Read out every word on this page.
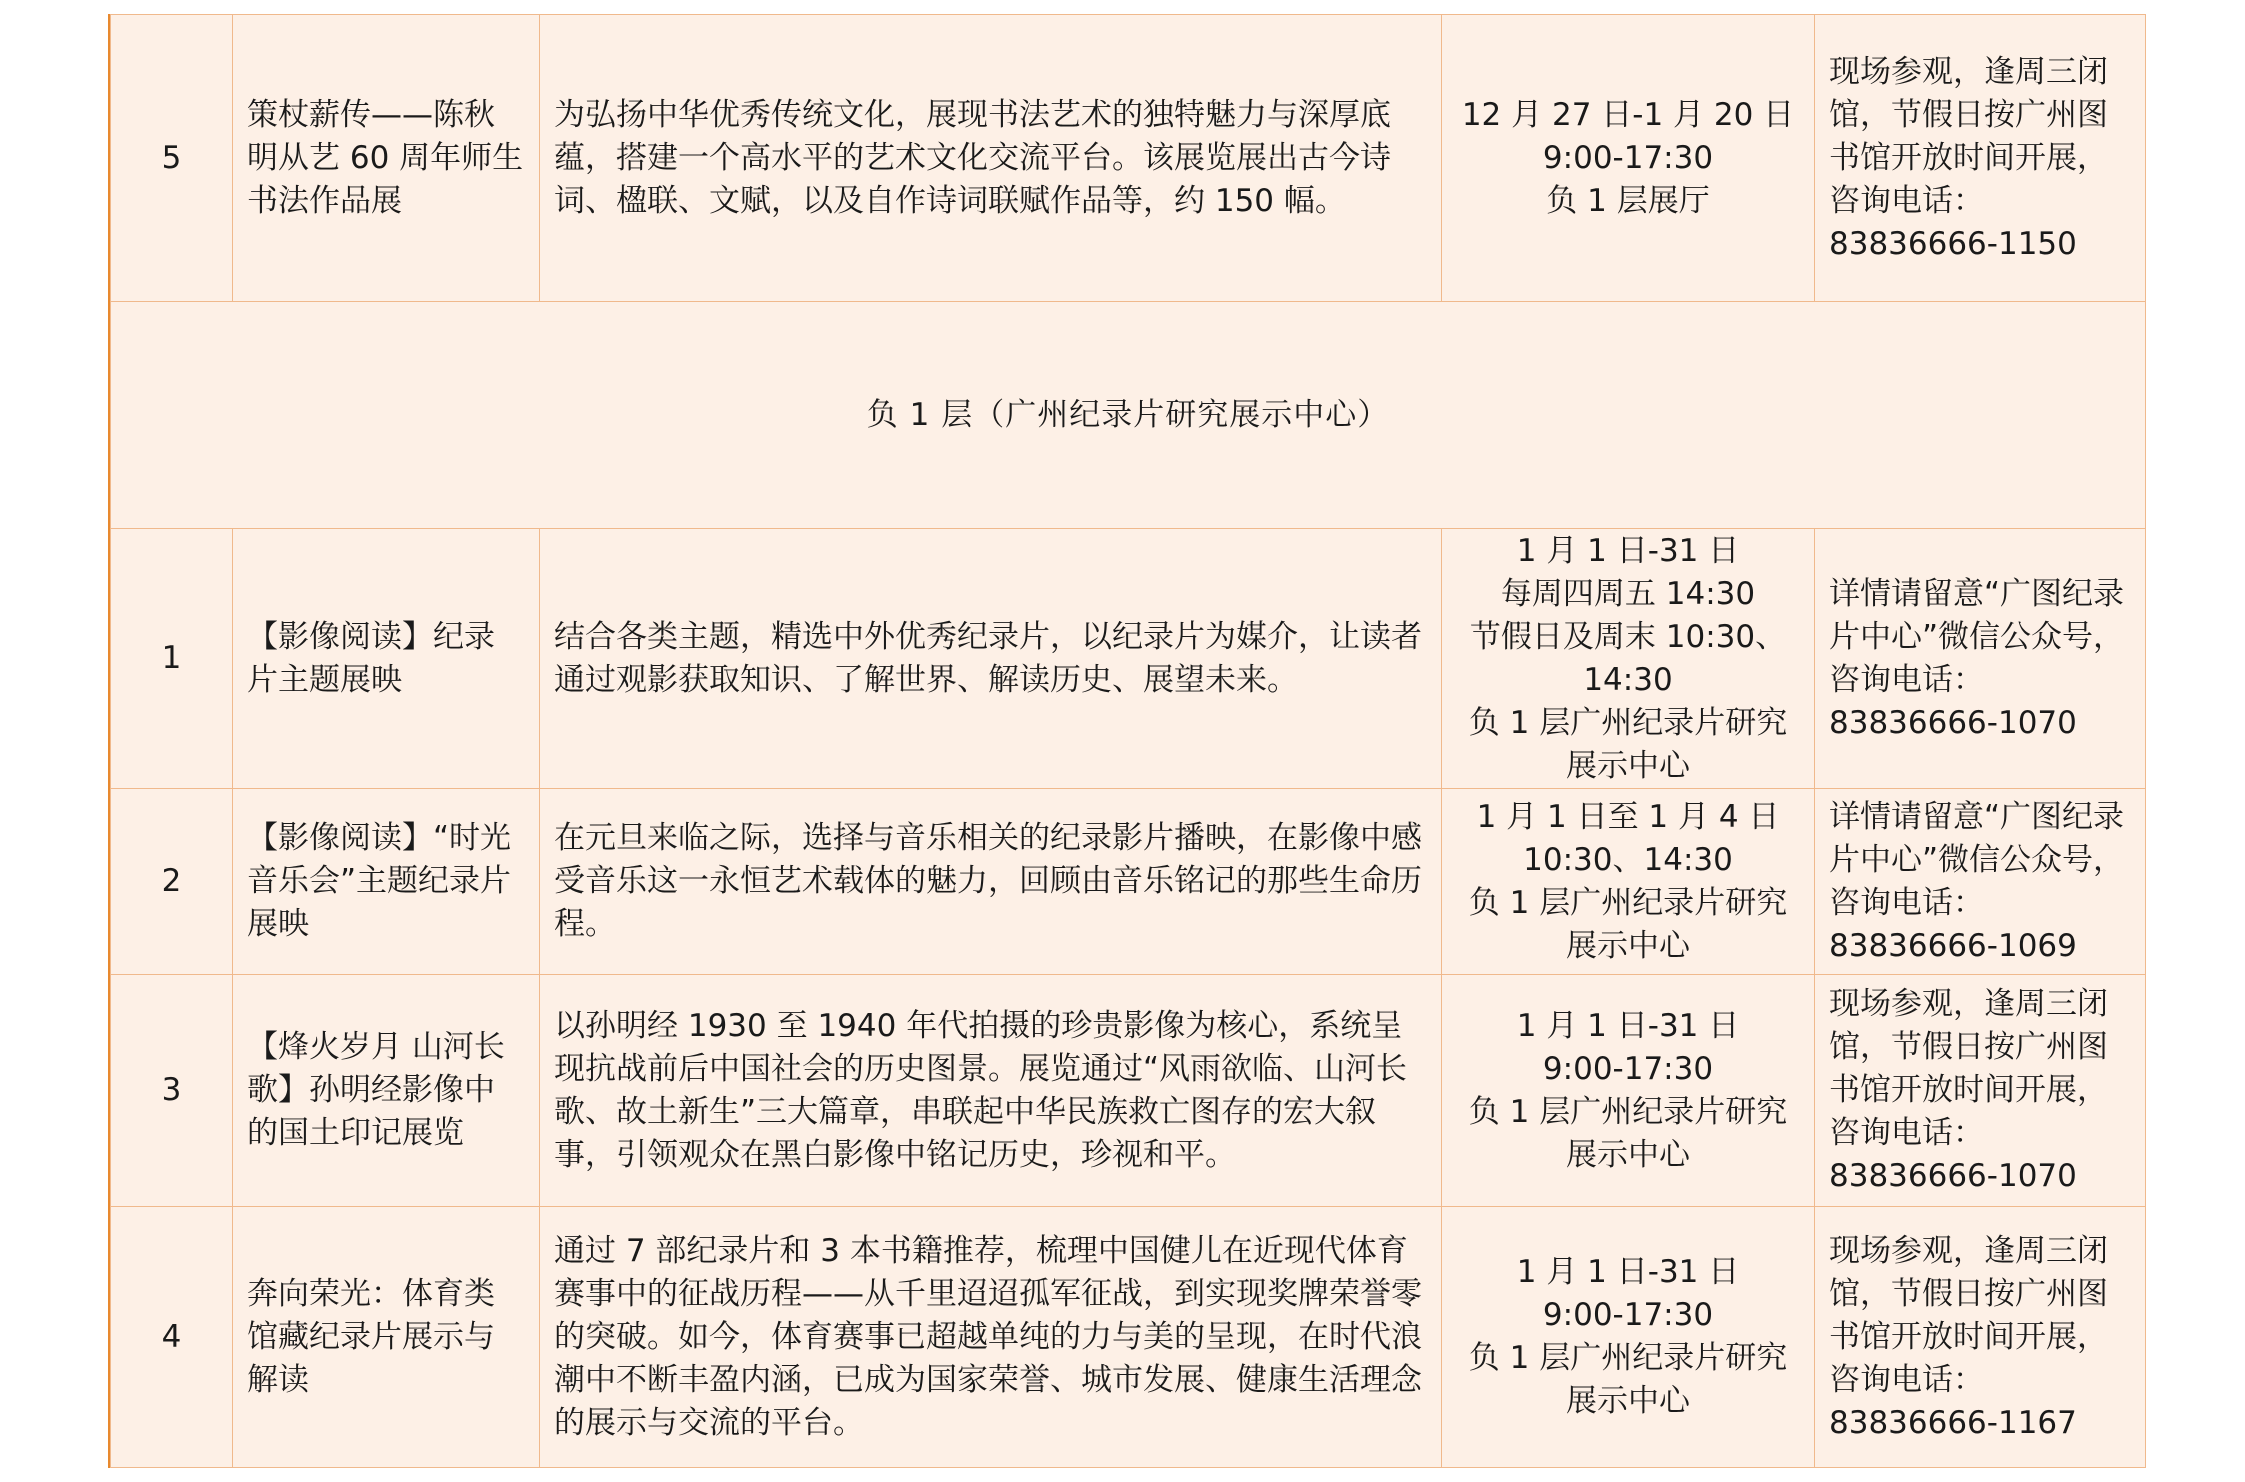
5	策杖薪传——陈秋明从艺 60 周年师生书法作品展	为弘扬中华优秀传统文化，展现书法艺术的独特魅力与深厚底蕴，搭建一个高水平的艺术文化交流平台。该展览展出古今诗词、楹联、文赋，以及自作诗词联赋作品等，约 150 幅。	12 月 27 日-1 月 20 日
9:00-17:30
负 1 层展厅	现场参观，逢周三闭馆，节假日按广州图书馆开放时间开展，咨询电话：
83836666-1150
负 1 层（广州纪录片研究展示中心）				
1	【影像阅读】纪录片主题展映	结合各类主题，精选中外优秀纪录片，以纪录片为媒介，让读者通过观影获取知识、了解世界、解读历史、展望未来。	1 月 1 日-31 日
每周四周五 14:30
节假日及周末 10:30、
14:30
负 1 层广州纪录片研究展示中心	详情请留意“广图纪录片中心”微信公众号，咨询电话：
83836666-1070
2	【影像阅读】“时光音乐会”主题纪录片展映	在元旦来临之际，选择与音乐相关的纪录影片播映，在影像中感受音乐这一永恒艺术载体的魅力，回顾由音乐铭记的那些生命历程。	1 月 1 日至 1 月 4 日
10:30、14:30
负 1 层广州纪录片研究展示中心	详情请留意“广图纪录片中心”微信公众号，咨询电话：
83836666-1069
3	【烽火岁月 山河长歌】孙明经影像中的国土印记展览	以孙明经 1930 至 1940 年代拍摄的珍贵影像为核心，系统呈现抗战前后中国社会的历史图景。展览通过“风雨欲临、山河长歌、故土新生”三大篇章，串联起中华民族救亡图存的宏大叙事，引领观众在黑白影像中铭记历史，珍视和平。	1 月 1 日-31 日
9:00-17:30
负 1 层广州纪录片研究展示中心	现场参观，逢周三闭馆，节假日按广州图书馆开放时间开展，咨询电话：
83836666-1070
4	奔向荣光：体育类馆藏纪录片展示与解读	通过 7 部纪录片和 3 本书籍推荐，梳理中国健儿在近现代体育赛事中的征战历程——从千里迢迢孤军征战，到实现奖牌荣誉零的突破。如今，体育赛事已超越单纯的力与美的呈现，在时代浪潮中不断丰盈内涵，已成为国家荣誉、城市发展、健康生活理念的展示与交流的平台。	1 月 1 日-31 日
9:00-17:30
负 1 层广州纪录片研究展示中心	现场参观，逢周三闭馆，节假日按广州图书馆开放时间开展，咨询电话：
83836666-1167
